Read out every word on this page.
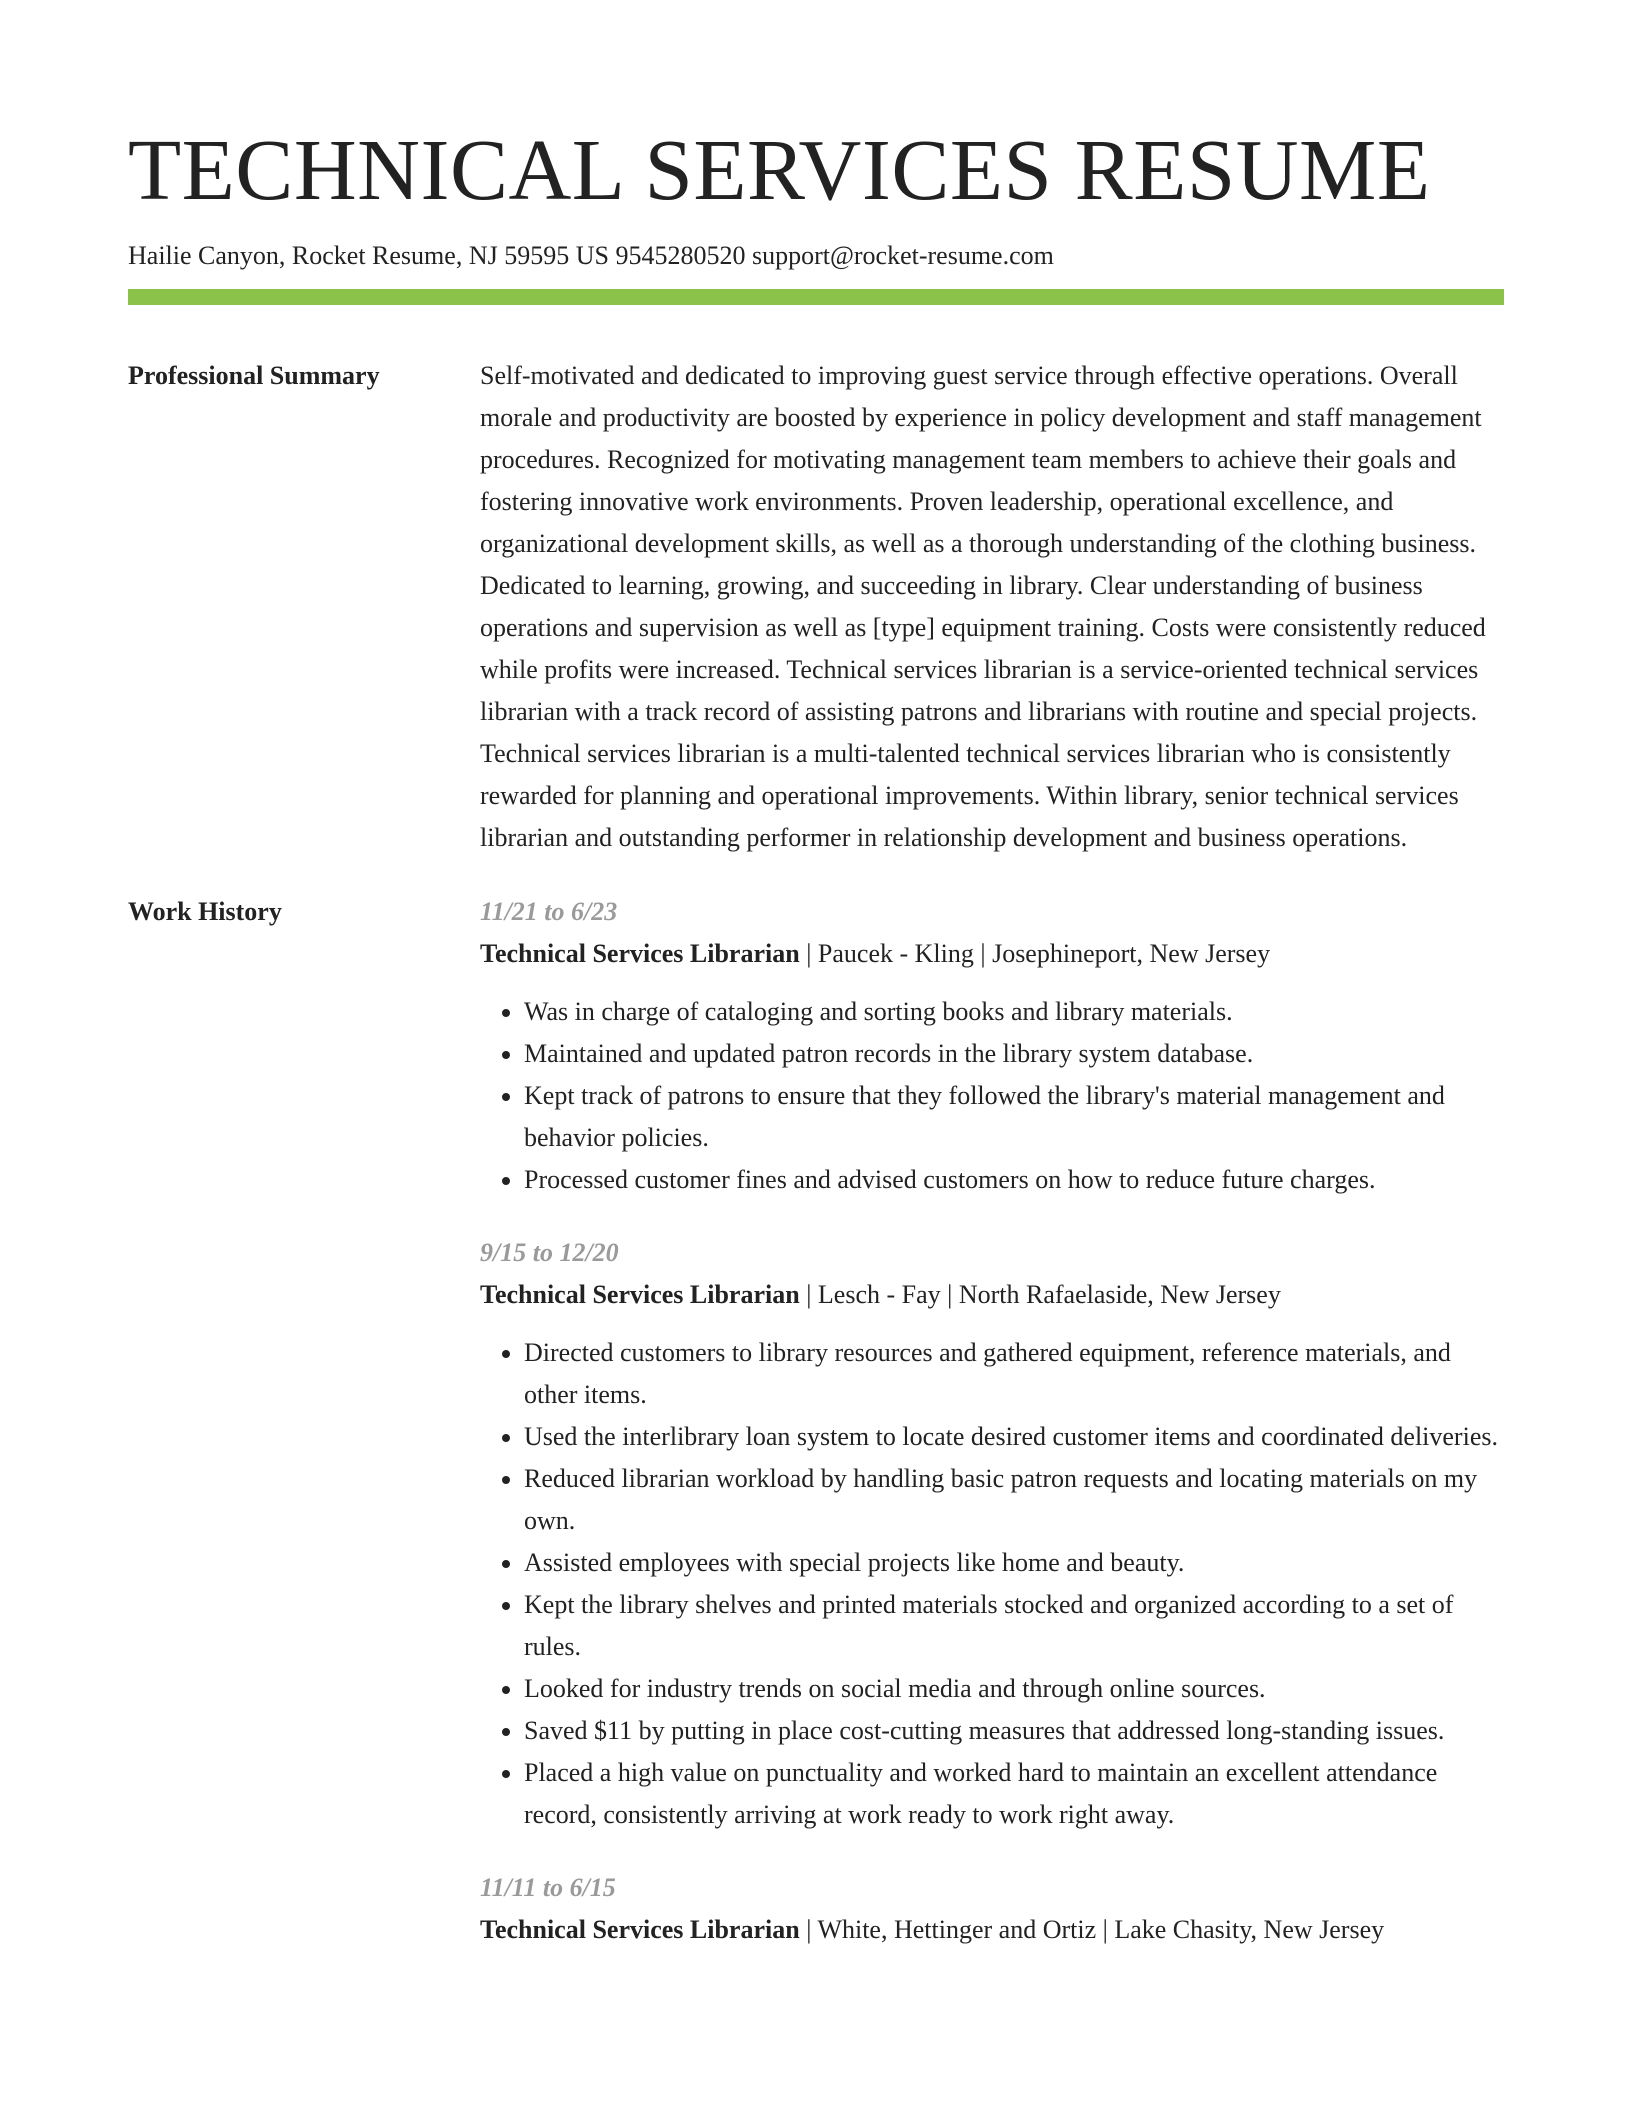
TECHNICAL SERVICES RESUME
Hailie Canyon, Rocket Resume, NJ 59595 US 9545280520 support@rocket-resume.com
Professional Summary	Self-motivated and dedicated to improving guest service through effective operations. Overall morale and productivity are boosted by experience in policy development and staff management procedures. Recognized for motivating management team members to achieve their goals and fostering innovative work environments. Proven leadership, operational excellence, and organizational development skills, as well as a thorough understanding of the clothing business. Dedicated to learning, growing, and succeeding in library. Clear understanding of business operations and supervision as well as [type] equipment training. Costs were consistently reduced while profits were increased. Technical services librarian is a service-oriented technical services librarian with a track record of assisting patrons and librarians with routine and special projects. Technical services librarian is a multi-talented technical services librarian who is consistently rewarded for planning and operational improvements. Within library, senior technical services librarian and outstanding performer in relationship development and business operations.
Work History	11/21 to 6/23
Technical Services Librarian | Paucek - Kling | Josephineport, New Jersey
• Was in charge of cataloging and sorting books and library materials.
• Maintained and updated patron records in the library system database.
• Kept track of patrons to ensure that they followed the library's material management and behavior policies.
• Processed customer fines and advised customers on how to reduce future charges.
9/15 to 12/20
Technical Services Librarian | Lesch - Fay | North Rafaelaside, New Jersey
• Directed customers to library resources and gathered equipment, reference materials, and other items.
• Used the interlibrary loan system to locate desired customer items and coordinated deliveries.
• Reduced librarian workload by handling basic patron requests and locating materials on my own.
• Assisted employees with special projects like home and beauty.
• Kept the library shelves and printed materials stocked and organized according to a set of rules.
• Looked for industry trends on social media and through online sources.
• Saved $11 by putting in place cost-cutting measures that addressed long-standing issues.
• Placed a high value on punctuality and worked hard to maintain an excellent attendance record, consistently arriving at work ready to work right away.
11/11 to 6/15
Technical Services Librarian | White, Hettinger and Ortiz | Lake Chasity, New Jersey
